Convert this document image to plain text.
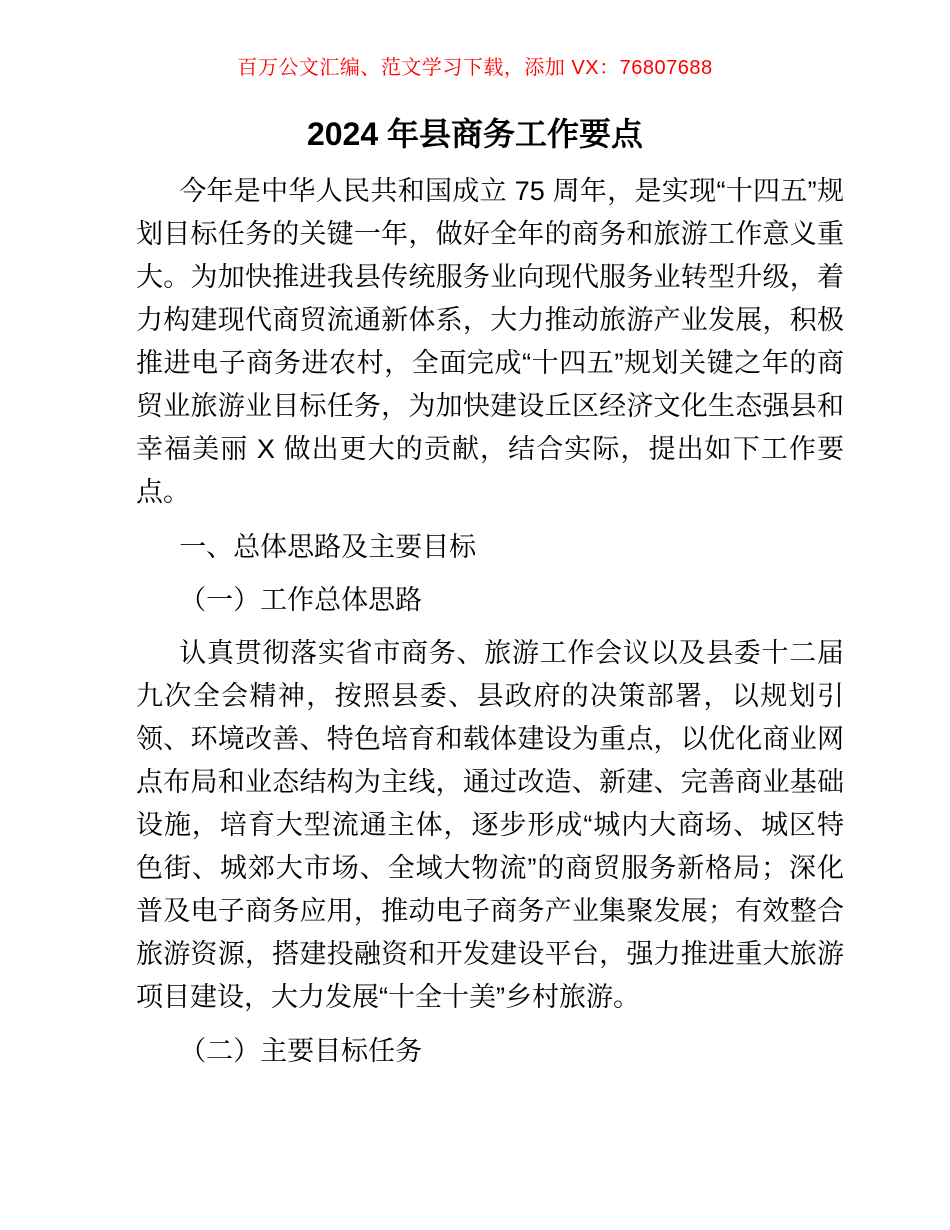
百万公文汇编、范文学习下载，添加 VX：76807688
2024 年县商务工作要点

今年是中华人民共和国成立 75 周年，是实现“十四五”规划目标任务的关键一年，做好全年的商务和旅游工作意义重大。为加快推进我县传统服务业向现代服务业转型升级，着力构建现代商贸流通新体系，大力推动旅游产业发展，积极推进电子商务进农村，全面完成“十四五”规划关键之年的商贸业旅游业目标任务，为加快建设丘区经济文化生态强县和幸福美丽 X 做出更大的贡献，结合实际，提出如下工作要点。

一、总体思路及主要目标

（一）工作总体思路

认真贯彻落实省市商务、旅游工作会议以及县委十二届九次全会精神，按照县委、县政府的决策部署，以规划引领、环境改善、特色培育和载体建设为重点，以优化商业网点布局和业态结构为主线，通过改造、新建、完善商业基础设施，培育大型流通主体，逐步形成“城内大商场、城区特色街、城郊大市场、全域大物流”的商贸服务新格局；深化普及电子商务应用，推动电子商务产业集聚发展；有效整合旅游资源，搭建投融资和开发建设平台，强力推进重大旅游项目建设，大力发展“十全十美”乡村旅游。

（二）主要目标任务
